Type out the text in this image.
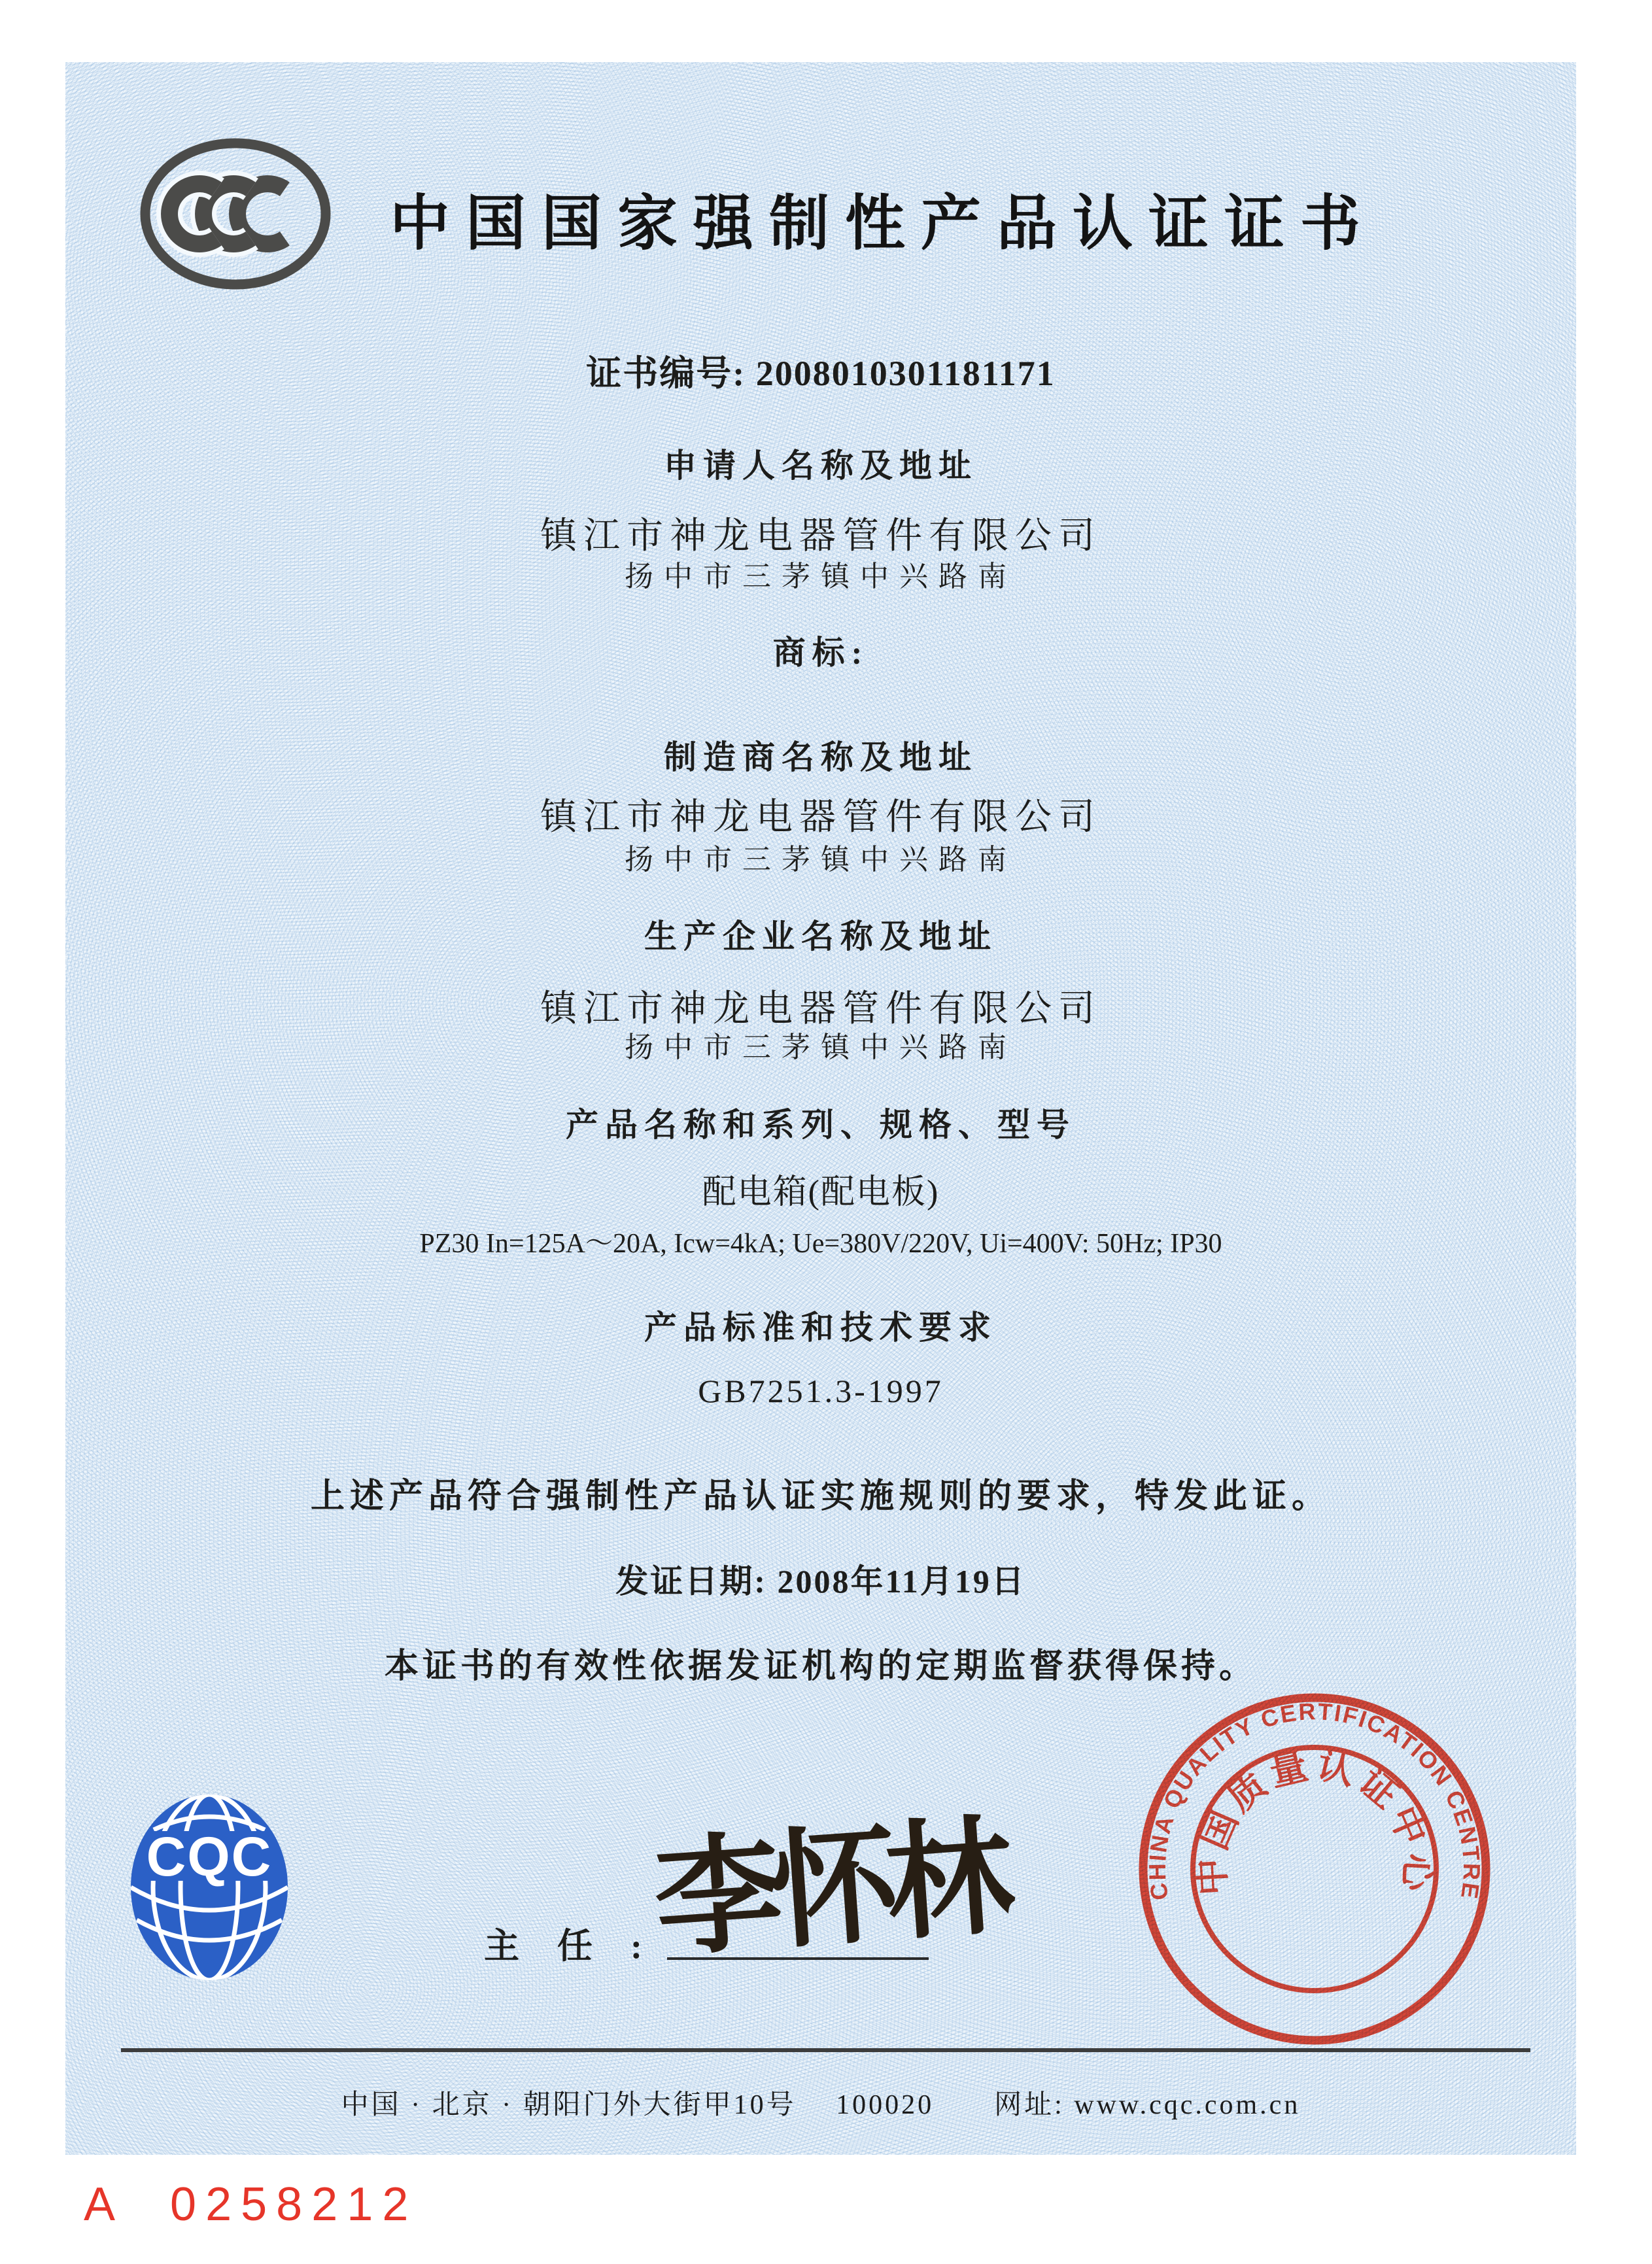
中国国家强制性产品认证证书
证书编号: 2008010301181171
申请人名称及地址
镇江市神龙电器管件有限公司
扬中市三茅镇中兴路南
商标:
制造商名称及地址
镇江市神龙电器管件有限公司
扬中市三茅镇中兴路南
生产企业名称及地址
镇江市神龙电器管件有限公司
扬中市三茅镇中兴路南
产品名称和系列、规格、型号
配电箱(配电板)
PZ30 In=125A～20A, Icw=4kA; Ue=380V/220V, Ui=400V: 50Hz; IP30
产品标准和技术要求
GB7251.3-1997
上述产品符合强制性产品认证实施规则的要求，特发此证。
发证日期: 2008年11月19日
本证书的有效性依据发证机构的定期监督获得保持。
CQC
主　任　: 李怀林	CHINA QUALITY CERTIFICATION CENTRE
中国质量认证中心
中国 · 北京 · 朝阳门外大街甲10号　 100020　　网址: www.cqc.com.cn
A 0258212
